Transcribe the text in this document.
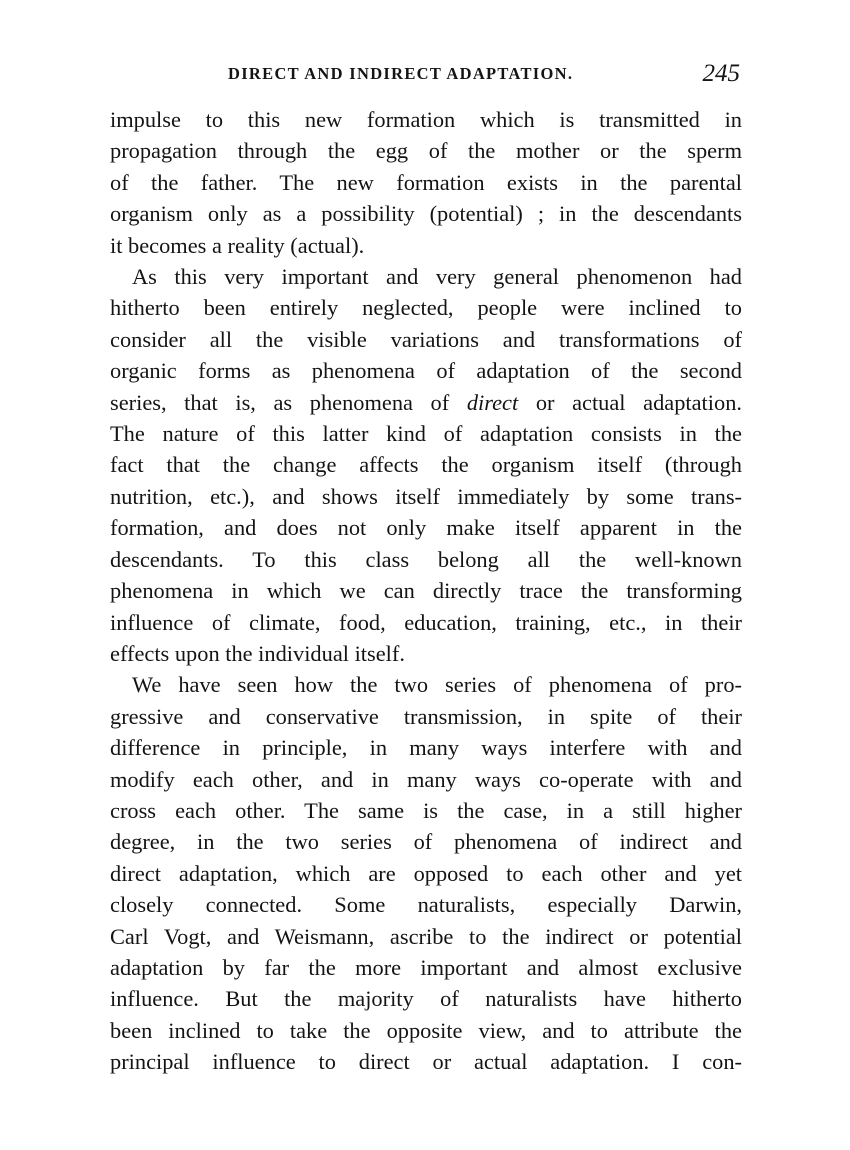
DIRECT AND INDIRECT ADAPTATION.	245
impulse to this new formation which is transmitted in
propagation through the egg of the mother or the sperm
of the father. The new formation exists in the parental
organism only as a possibility (potential) ; in the descendants
it becomes a reality (actual).
As this very important and very general phenomenon had
hitherto been entirely neglected, people were inclined to
consider all the visible variations and transformations of
organic forms as phenomena of adaptation of the second
series, that is, as phenomena of direct or actual adaptation.
The nature of this latter kind of adaptation consists in the
fact that the change affects the organism itself (through
nutrition, etc.), and shows itself immediately by some trans-
formation, and does not only make itself apparent in the
descendants. To this class belong all the well-known
phenomena in which we can directly trace the transforming
influence of climate, food, education, training, etc., in their
effects upon the individual itself.
We have seen how the two series of phenomena of pro-
gressive and conservative transmission, in spite of their
difference in principle, in many ways interfere with and
modify each other, and in many ways co-operate with and
cross each other. The same is the case, in a still higher
degree, in the two series of phenomena of indirect and
direct adaptation, which are opposed to each other and yet
closely connected. Some naturalists, especially Darwin,
Carl Vogt, and Weismann, ascribe to the indirect or potential
adaptation by far the more important and almost exclusive
influence. But the majority of naturalists have hitherto
been inclined to take the opposite view, and to attribute the
principal influence to direct or actual adaptation. I con-
